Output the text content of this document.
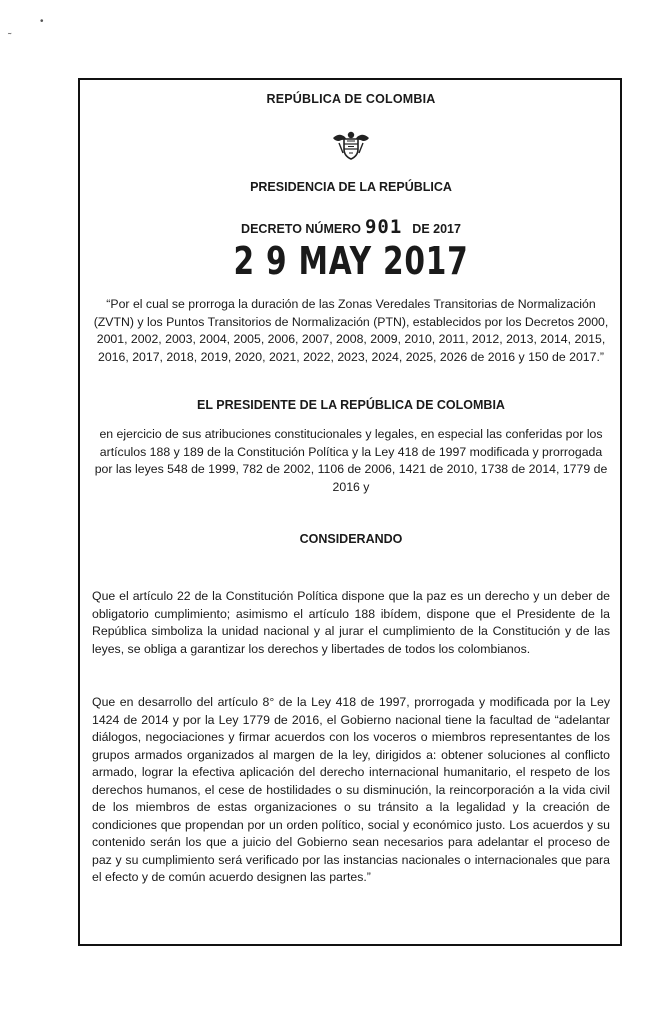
•
˜
REPÚBLICA DE COLOMBIA
PRESIDENCIA DE LA REPÚBLICA
DECRETO NÚMERO 901 DE 2017
2 9 MAY 2017
“Por el cual se prorroga la duración de las Zonas Veredales Transitorias de Normalización (ZVTN) y los Puntos Transitorios de Normalización (PTN), establecidos por los Decretos 2000, 2001, 2002, 2003, 2004, 2005, 2006, 2007, 2008, 2009, 2010, 2011, 2012, 2013, 2014, 2015, 2016, 2017, 2018, 2019, 2020, 2021, 2022, 2023, 2024, 2025, 2026 de 2016 y 150 de 2017.”
EL PRESIDENTE DE LA REPÚBLICA DE COLOMBIA
en ejercicio de sus atribuciones constitucionales y legales, en especial las conferidas por los artículos 188 y 189 de la Constitución Política y la Ley 418 de 1997 modificada y prorrogada por las leyes 548 de 1999, 782 de 2002, 1106 de 2006, 1421 de 2010, 1738 de 2014, 1779 de 2016 y
CONSIDERANDO
Que el artículo 22 de la Constitución Política dispone que la paz es un derecho y un deber de obligatorio cumplimiento; asimismo el artículo 188 ibídem, dispone que el Presidente de la República simboliza la unidad nacional y al jurar el cumplimiento de la Constitución y de las leyes, se obliga a garantizar los derechos y libertades de todos los colombianos.
Que en desarrollo del artículo 8° de la Ley 418 de 1997, prorrogada y modificada por la Ley 1424 de 2014 y por la Ley 1779 de 2016, el Gobierno nacional tiene la facultad de “adelantar diálogos, negociaciones y firmar acuerdos con los voceros o miembros representantes de los grupos armados organizados al margen de la ley, dirigidos a: obtener soluciones al conflicto armado, lograr la efectiva aplicación del derecho internacional humanitario, el respeto de los derechos humanos, el cese de hostilidades o su disminución, la reincorporación a la vida civil de los miembros de estas organizaciones o su tránsito a la legalidad y la creación de condiciones que propendan por un orden político, social y económico justo. Los acuerdos y su contenido serán los que a juicio del Gobierno sean necesarios para adelantar el proceso de paz y su cumplimiento será verificado por las instancias nacionales o internacionales que para el efecto y de común acuerdo designen las partes.”
